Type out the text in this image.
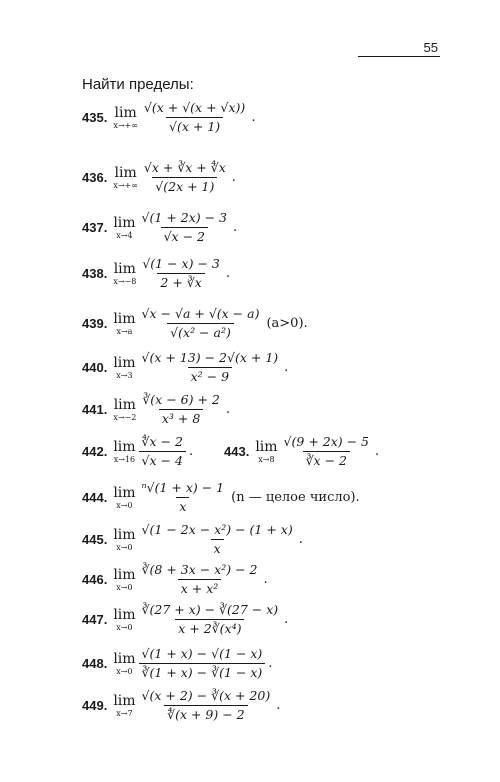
55
Найти пределы:
435. lim
$x\to+\infty \frac{√(x + √(x + √x))}{√(x + 1)}$ .
436. lim
$x\to+\infty \frac{√x + ∛x + ∜x}{√(2x + 1)}$ .
437. lim
$x\to 4 \frac{√(1 + 2x) - 3}{√x - 2}$ .
438. lim
$x\to-8 \frac{√(1 - x) - 3}{2 + ∛x}$ .
439. lim
$x\to a \frac{√x - √a + √(x - a)}{\text{√(x² − a²)}} (a>0)$.
440. lim
$x\to 3 \frac{√(x + 13) - 2√(x + 1)}{\text{x² − 9}}$ .
441. lim
$x\to-2 \frac{∛(x - 6) + 2}{\text{x³ + 8}}$ .
442. lim
$x\to 16 \frac{∜x - 2}{√x - 4}$ . 443. lim
$x\to 8 \frac{√(9 + 2x) - 5}{∛x - 2}$ .
444. lim
$x\to 0 \frac{\text{ⁿ√(1 + x) − 1}}{x} (n$ — целое число).
445. lim
$x\to 0 \frac{\text{√(1 − 2x − x²) − (1 + x)}}{x}$ .
446. lim
$x\to 0 \frac{\text{∛(8 + 3x − x²) − 2}}{\text{x + x²}}$ .
447. lim
$x\to 0 \frac{∛(27 + x) - ∛(27 - x)}{\text{x + 2∛(x⁴)}}$ .
448. lim
$x\to 0 \frac{√(1 + x) - √(1 - x)}{∛(1 + x) - ∛(1 - x)}$ .
449. lim
$x\to 7 \frac{√(x + 2) - ∛(x + 20)}{∜(x + 9) - 2}$ .
